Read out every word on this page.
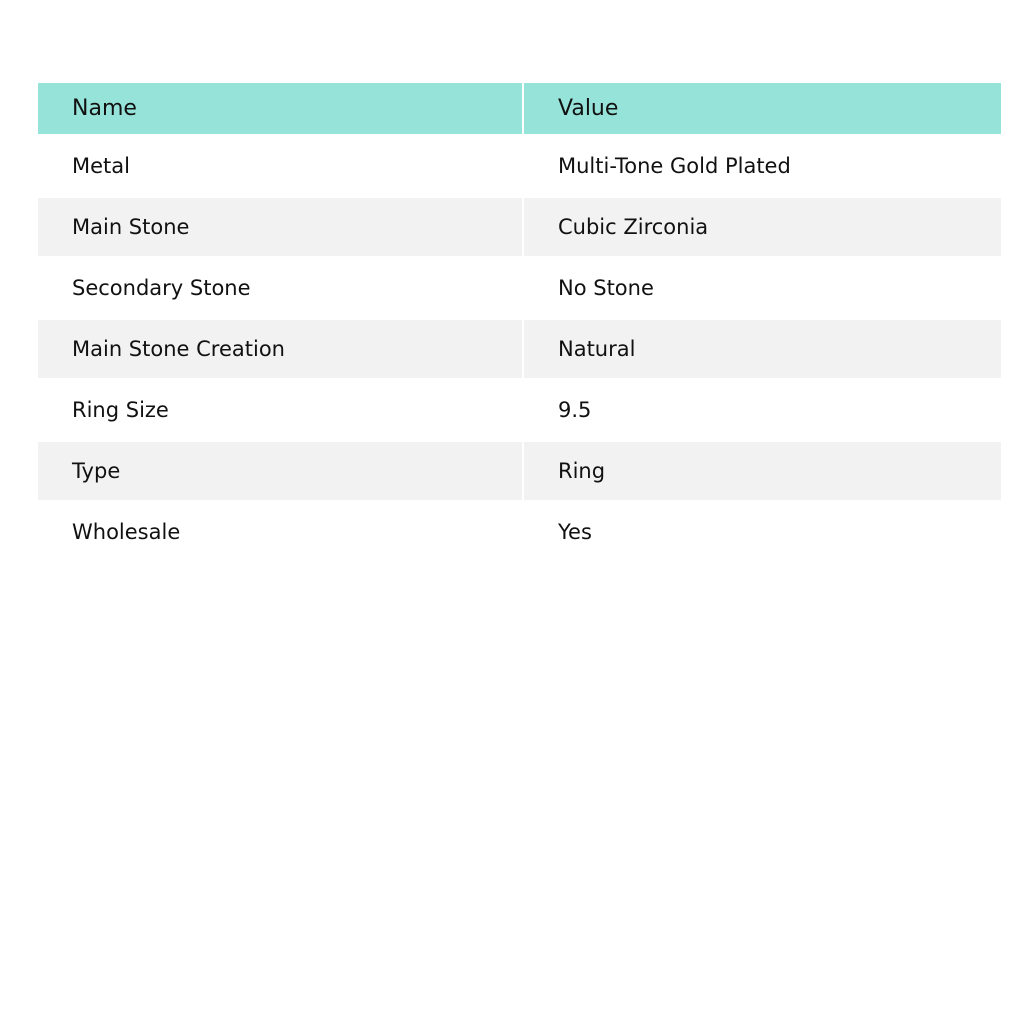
Name	Value
Metal	Multi-Tone Gold Plated
Main Stone	Cubic Zirconia
Secondary Stone	No Stone
Main Stone Creation	Natural
Ring Size	9.5
Type	Ring
Wholesale	Yes
